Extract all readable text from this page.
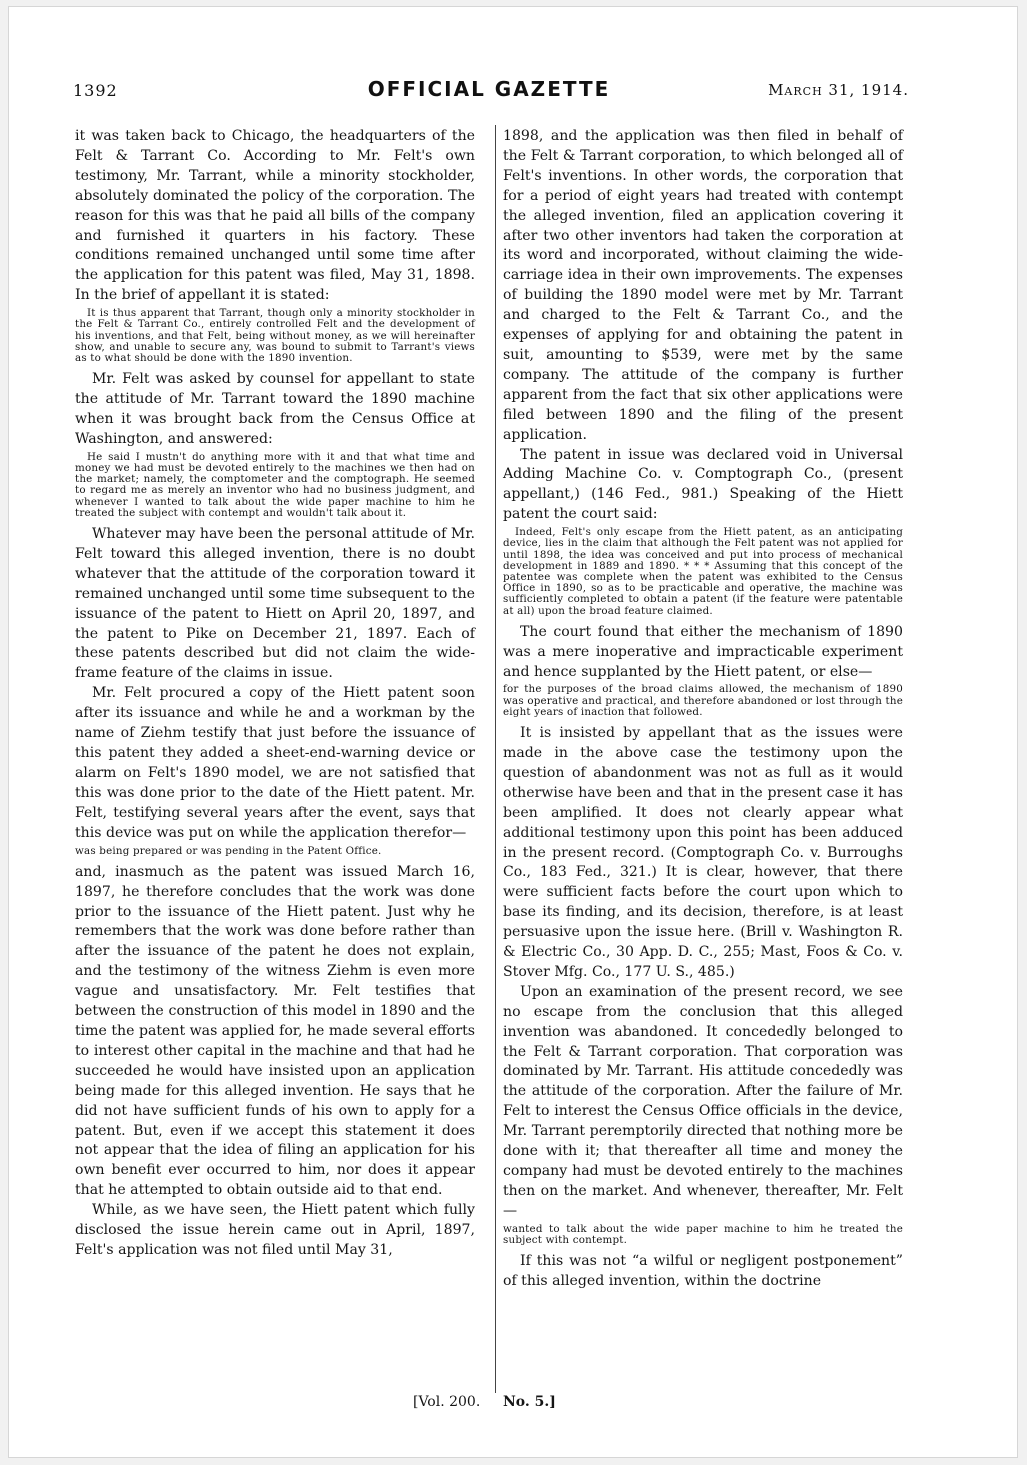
1392	OFFICIAL GAZETTE	March 31, 1914.

it was taken back to Chicago, the headquarters of the Felt & Tarrant Co. According to Mr. Felt's own testimony, Mr. Tarrant, while a minority stockholder, absolutely dominated the policy of the corporation. The reason for this was that he paid all bills of the company and furnished it quarters in his factory. These conditions remained unchanged until some time after the application for this patent was filed, May 31, 1898. In the brief of appellant it is stated:

It is thus apparent that Tarrant, though only a minority stockholder in the Felt & Tarrant Co., entirely controlled Felt and the development of his inventions, and that Felt, being without money, as we will hereinafter show, and unable to secure any, was bound to submit to Tarrant's views as to what should be done with the 1890 invention.

Mr. Felt was asked by counsel for appellant to state the attitude of Mr. Tarrant toward the 1890 machine when it was brought back from the Census Office at Washington, and answered:

He said I mustn't do anything more with it and that what time and money we had must be devoted entirely to the machines we then had on the market; namely, the comptometer and the comptograph. He seemed to regard me as merely an inventor who had no business judgment, and whenever I wanted to talk about the wide paper machine to him he treated the subject with contempt and wouldn't talk about it.

Whatever may have been the personal attitude of Mr. Felt toward this alleged invention, there is no doubt whatever that the attitude of the corporation toward it remained unchanged until some time subsequent to the issuance of the patent to Hiett on April 20, 1897, and the patent to Pike on December 21, 1897. Each of these patents described but did not claim the wide-frame feature of the claims in issue.

Mr. Felt procured a copy of the Hiett patent soon after its issuance and while he and a workman by the name of Ziehm testify that just before the issuance of this patent they added a sheet-end-warning device or alarm on Felt's 1890 model, we are not satisfied that this was done prior to the date of the Hiett patent. Mr. Felt, testifying several years after the event, says that this device was put on while the application therefor—

was being prepared or was pending in the Patent Office.

and, inasmuch as the patent was issued March 16, 1897, he therefore concludes that the work was done prior to the issuance of the Hiett patent. Just why he remembers that the work was done before rather than after the issuance of the patent he does not explain, and the testimony of the witness Ziehm is even more vague and unsatisfactory. Mr. Felt testifies that between the construction of this model in 1890 and the time the patent was applied for, he made several efforts to interest other capital in the machine and that had he succeeded he would have insisted upon an application being made for this alleged invention. He says that he did not have sufficient funds of his own to apply for a patent. But, even if we accept this statement it does not appear that the idea of filing an application for his own benefit ever occurred to him, nor does it appear that he attempted to obtain outside aid to that end.

While, as we have seen, the Hiett patent which fully disclosed the issue herein came out in April, 1897, Felt's application was not filed until May 31,

1898, and the application was then filed in behalf of the Felt & Tarrant corporation, to which belonged all of Felt's inventions. In other words, the corporation that for a period of eight years had treated with contempt the alleged invention, filed an application covering it after two other inventors had taken the corporation at its word and incorporated, without claiming the wide-carriage idea in their own improvements. The expenses of building the 1890 model were met by Mr. Tarrant and charged to the Felt & Tarrant Co., and the expenses of applying for and obtaining the patent in suit, amounting to $539, were met by the same company. The attitude of the company is further apparent from the fact that six other applications were filed between 1890 and the filing of the present application.

The patent in issue was declared void in Universal Adding Machine Co. v. Comptograph Co., (present appellant,) (146 Fed., 981.) Speaking of the Hiett patent the court said:

Indeed, Felt's only escape from the Hiett patent, as an anticipating device, lies in the claim that although the Felt patent was not applied for until 1898, the idea was conceived and put into process of mechanical development in 1889 and 1890. * * * Assuming that this concept of the patentee was complete when the patent was exhibited to the Census Office in 1890, so as to be practicable and operative, the machine was sufficiently completed to obtain a patent (if the feature were patentable at all) upon the broad feature claimed.

The court found that either the mechanism of 1890 was a mere inoperative and impracticable experiment and hence supplanted by the Hiett patent, or else—

for the purposes of the broad claims allowed, the mechanism of 1890 was operative and practical, and therefore abandoned or lost through the eight years of inaction that followed.

It is insisted by appellant that as the issues were made in the above case the testimony upon the question of abandonment was not as full as it would otherwise have been and that in the present case it has been amplified. It does not clearly appear what additional testimony upon this point has been adduced in the present record. (Comptograph Co. v. Burroughs Co., 183 Fed., 321.) It is clear, however, that there were sufficient facts before the court upon which to base its finding, and its decision, therefore, is at least persuasive upon the issue here. (Brill v. Washington R. & Electric Co., 30 App. D. C., 255; Mast, Foos & Co. v. Stover Mfg. Co., 177 U. S., 485.)

Upon an examination of the present record, we see no escape from the conclusion that this alleged invention was abandoned. It concededly belonged to the Felt & Tarrant corporation. That corporation was dominated by Mr. Tarrant. His attitude concededly was the attitude of the corporation. After the failure of Mr. Felt to interest the Census Office officials in the device, Mr. Tarrant peremptorily directed that nothing more be done with it; that thereafter all time and money the company had must be devoted entirely to the machines then on the market. And whenever, thereafter, Mr. Felt—

wanted to talk about the wide paper machine to him he treated the subject with contempt.

If this was not “a wilful or negligent postponement” of this alleged invention, within the doctrine

[Vol. 200. No. 5.]
